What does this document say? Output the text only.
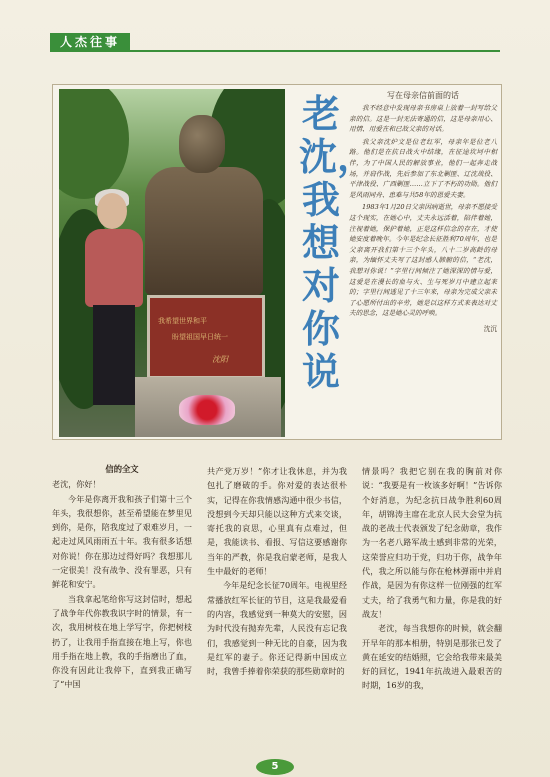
人杰往事
我希望世界和平
盼望祖国早日统一
沈阳
老沈，我想对你说
写在母亲信前面的话

我不经意中发现母亲书房桌上放着一封写给父亲的信。这是一封无法寄通的信，这是母亲用心、用情、用爱在和已故父亲的对话。

我父亲沈炉文是位老红军，母亲年是位老八路。他们是在抗日战火中结缘，在征途坎坷中相伴，为了中国人民的解放事业，他们一起奔走战场，并肩作战，先后参加了东北剿匪、辽沈战役、平津战役、广西剿匪……立下了不朽的功勋。他们是风雨同舟、患难与共58年的恩爱夫妻。

1983年1月20日父亲因病逝世，母亲不愿接受这个现实，在她心中，丈夫永远活着，陪伴着她，注视着她，保护着她，正是这样信念的存在，才使她安度着晚年。今年是纪念长征胜利70周年，也是父亲离开我们第十三个年头，八十二岁高龄的母亲，为缅怀丈夫写了这封感人肺腑的信，“老沈，我想对你说！”字里行间倾注了她深深的情与爱，这爱是在漫长的血与火、生与死岁月中建立起来的；字里行间透见了十三年来，母亲为完成父亲未了心愿所付出的辛劳，她是以这样方式来表达对丈夫的思念，这是她心灵的呼唤。

沈沉
信的全文

老沈，你好！

今年是你离开我和孩子们第十三个年头，我很想你，甚至希望能在梦里见到你，是你，陪我度过了艰难岁月，一起走过风风雨雨五十年。我有很多话想对你说！你在那边过得好吗？我想那儿一定很美！没有战争、没有罪恶，只有鲜花和安宁。

当我拿起笔给你写这封信时，想起了战争年代你教我识字时的情景，有一次，我用树枝在地上学写字，你把树枝扔了，让我用手指直接在地上写，你也用手指在地上教，我的手指磨出了血，你没有因此让我停下，直到我正确写了“中国

共产党万岁！”你才让我休息，并为我包扎了磨破的手。你对爱的表达很朴实，记得在你我情感沟通中很少书信，没想到今天却只能以这种方式来交谈，寄托我的哀思，心里真有点难过，但是，我能读书、看报、写信这要感谢你当年的严教，你是我启蒙老师，是我人生中最好的老师！

今年是纪念长征70周年。电视里经常播放红军长征的节目，这是我最爱看的内容，我感觉到一种莫大的安慰，因为时代没有抛弃先辈，人民没有忘记我们，我感觉到一种无比的自豪，因为我是红军的妻子。你还记得新中国成立时，我曾手捧着你荣获的那些勋章时的

情景吗？我把它别在我的胸前对你说：“我要是有一枚该多好啊！”告诉你个好消息，为纪念抗日战争胜利60周年，胡锦涛主席在北京人民大会堂为抗战的老战士代表颁发了纪念勋章，我作为一名老八路军战士感到非常的光荣，这荣誉应归功于党，归功于你，战争年代，我之所以能与你在枪林弹雨中并肩作战，是因为有你这样一位刚强的红军丈夫，给了我勇气和力量，你是我的好战友！

老沈，每当我想你的时候，就会翻开早年的那本相册，特别是那张已发了黄在延安的结婚照，它会给我带来最美好的回忆，1941年抗战进入最艰苦的时期，16岁的我，

5
